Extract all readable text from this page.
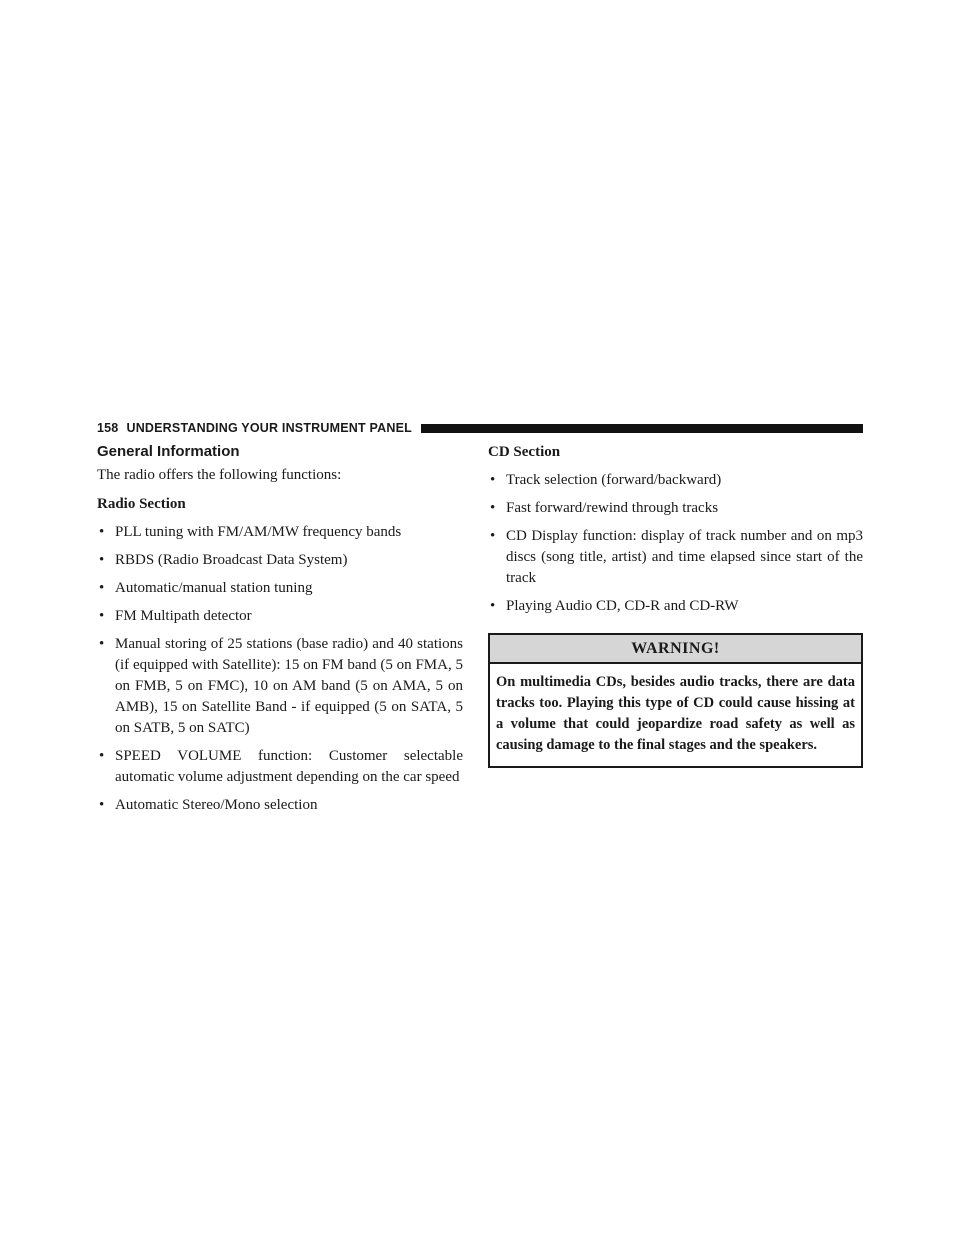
158 UNDERSTANDING YOUR INSTRUMENT PANEL
General Information

The radio offers the following functions:

Radio Section
• PLL tuning with FM/AM/MW frequency bands
• RBDS (Radio Broadcast Data System)
• Automatic/manual station tuning
• FM Multipath detector
• Manual storing of 25 stations (base radio) and 40 stations (if equipped with Satellite): 15 on FM band (5 on FMA, 5 on FMB, 5 on FMC), 10 on AM band (5 on AMA, 5 on AMB), 15 on Satellite Band - if equipped (5 on SATA, 5 on SATB, 5 on SATC)
• SPEED VOLUME function: Customer selectable automatic volume adjustment depending on the car speed
• Automatic Stereo/Mono selection
CD Section
• Track selection (forward/backward)
• Fast forward/rewind through tracks
• CD Display function: display of track number and on mp3 discs (song title, artist) and time elapsed since start of the track
• Playing Audio CD, CD-R and CD-RW
WARNING!
On multimedia CDs, besides audio tracks, there are data tracks too. Playing this type of CD could cause hissing at a volume that could jeopardize road safety as well as causing damage to the final stages and the speakers.
